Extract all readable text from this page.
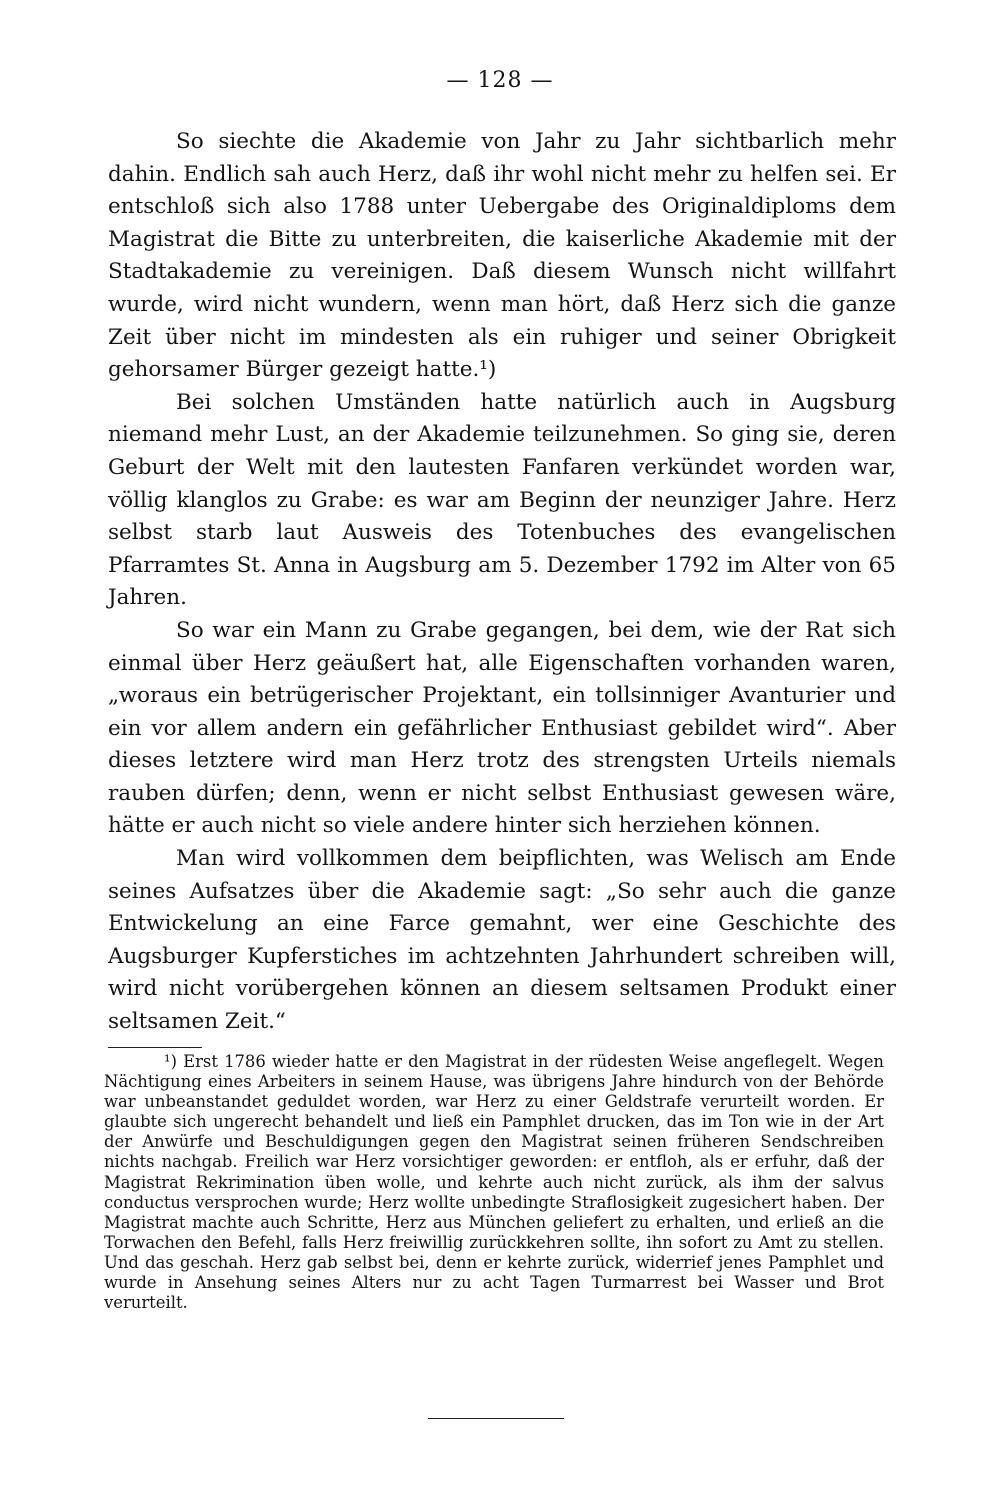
— 128 —

So siechte die Akademie von Jahr zu Jahr sichtbarlich mehr dahin. Endlich sah auch Herz, daß ihr wohl nicht mehr zu helfen sei. Er entschloß sich also 1788 unter Uebergabe des Originaldiploms dem Magistrat die Bitte zu unterbreiten, die kaiserliche Akademie mit der Stadtakademie zu vereinigen. Daß diesem Wunsch nicht willfahrt wurde, wird nicht wundern, wenn man hört, daß Herz sich die ganze Zeit über nicht im mindesten als ein ruhiger und seiner Obrigkeit gehorsamer Bürger gezeigt hatte.¹)

Bei solchen Umständen hatte natürlich auch in Augsburg niemand mehr Lust, an der Akademie teilzunehmen. So ging sie, deren Geburt der Welt mit den lautesten Fanfaren verkündet worden war, völlig klanglos zu Grabe: es war am Beginn der neunziger Jahre. Herz selbst starb laut Ausweis des Totenbuches des evangelischen Pfarramtes St. Anna in Augsburg am 5. Dezember 1792 im Alter von 65 Jahren.

So war ein Mann zu Grabe gegangen, bei dem, wie der Rat sich einmal über Herz geäußert hat, alle Eigenschaften vorhanden waren, „woraus ein betrügerischer Projektant, ein tollsinniger Avanturier und ein vor allem andern ein gefährlicher Enthusiast gebildet wird“. Aber dieses letztere wird man Herz trotz des strengsten Urteils niemals rauben dürfen; denn, wenn er nicht selbst Enthusiast gewesen wäre, hätte er auch nicht so viele andere hinter sich herziehen können.

Man wird vollkommen dem beipflichten, was Welisch am Ende seines Aufsatzes über die Akademie sagt: „So sehr auch die ganze Entwickelung an eine Farce gemahnt, wer eine Geschichte des Augsburger Kupferstiches im achtzehnten Jahrhundert schreiben will, wird nicht vorübergehen können an diesem seltsamen Produkt einer seltsamen Zeit.“

¹) Erst 1786 wieder hatte er den Magistrat in der rüdesten Weise angeflegelt. Wegen Nächtigung eines Arbeiters in seinem Hause, was übrigens Jahre hindurch von der Behörde war unbeanstandet geduldet worden, war Herz zu einer Geldstrafe verurteilt worden. Er glaubte sich ungerecht behandelt und ließ ein Pamphlet drucken, das im Ton wie in der Art der Anwürfe und Beschuldigungen gegen den Magistrat seinen früheren Sendschreiben nichts nachgab. Freilich war Herz vorsichtiger geworden: er entfloh, als er erfuhr, daß der Magistrat Rekrimination üben wolle, und kehrte auch nicht zurück, als ihm der salvus conductus versprochen wurde; Herz wollte unbedingte Straflosigkeit zugesichert haben. Der Magistrat machte auch Schritte, Herz aus München geliefert zu erhalten, und erließ an die Torwachen den Befehl, falls Herz freiwillig zurückkehren sollte, ihn sofort zu Amt zu stellen. Und das geschah. Herz gab selbst bei, denn er kehrte zurück, widerrief jenes Pamphlet und wurde in Ansehung seines Alters nur zu acht Tagen Turmarrest bei Wasser und Brot verurteilt.
